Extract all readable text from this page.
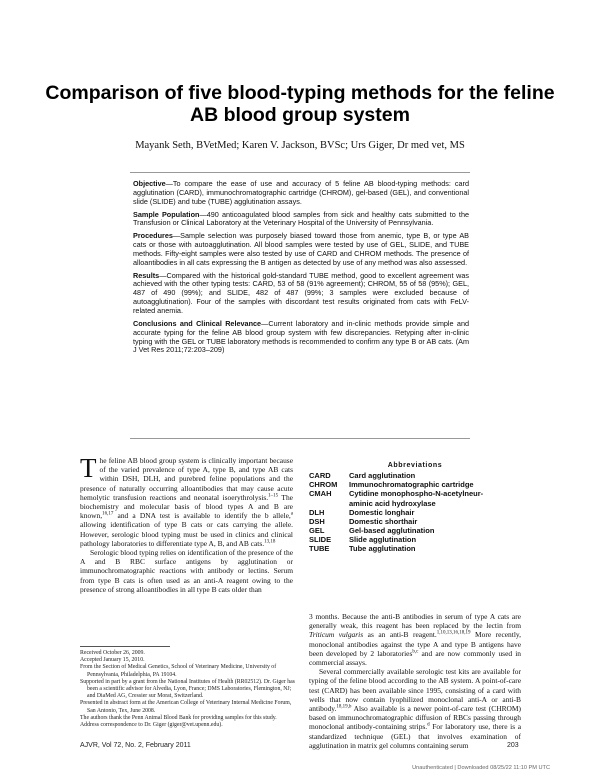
Comparison of five blood-typing methods for the feline AB blood group system
Mayank Seth, BVetMed; Karen V. Jackson, BVSc; Urs Giger, Dr med vet, MS

Objective—To compare the ease of use and accuracy of 5 feline AB blood-typing methods: card agglutination (CARD), immunochromatographic cartridge (CHROM), gel-based (GEL), and conventional slide (SLIDE) and tube (TUBE) agglutination assays.

Sample Population—490 anticoagulated blood samples from sick and healthy cats submitted to the Transfusion or Clinical Laboratory at the Veterinary Hospital of the University of Pennsylvania.

Procedures—Sample selection was purposely biased toward those from anemic, type B, or type AB cats or those with autoagglutination. All blood samples were tested by use of GEL, SLIDE, and TUBE methods. Fifty-eight samples were also tested by use of CARD and CHROM methods. The presence of alloantibodies in all cats expressing the B antigen as detected by use of any method was also assessed.

Results—Compared with the historical gold-standard TUBE method, good to excellent agreement was achieved with the other typing tests: CARD, 53 of 58 (91% agreement); CHROM, 55 of 58 (95%); GEL, 487 of 490 (99%); and SLIDE, 482 of 487 (99%; 3 samples were excluded because of autoagglutination). Four of the samples with discordant test results originated from cats with FeLV-related anemia.

Conclusions and Clinical Relevance—Current laboratory and in-clinic methods provide simple and accurate typing for the feline AB blood group system with few discrepancies. Retyping after in-clinic typing with the GEL or TUBE laboratory methods is recommended to confirm any type B or AB cats. (Am J Vet Res 2011;72:203–209)

The feline AB blood group system is clinically important because of the varied prevalence of type A, type B, and type AB cats within DSH, DLH, and purebred feline populations and the presence of naturally occurring alloantibodies that may cause acute hemolytic transfusion reactions and neonatal isoerythrolysis.$^{1-15}$ The biochemistry and molecular basis of blood types A and B are known,$^{16,17}$ and a DNA test is available to identify the b allele,$^a$ allowing identification of type B cats or cats carrying the allele. However, serologic blood typing must be used in clinics and clinical pathology laboratories to differentiate type A, B, and AB cats.$^{13,18}$

Serologic blood typing relies on identification of the presence of the A and B RBC surface antigens by agglutination or immunochromatographic reactions with antibody or lectins. Serum from type B cats is often used as an anti-A reagent owing to the presence of strong alloantibodies in all type B cats older than

Abbreviations
CARD	Card agglutination
CHROM	Immunochromatographic cartridge
CMAH	Cytidine monophospho-N-acetylneur-
aminic acid hydroxylase
DLH	Domestic longhair
DSH	Domestic shorthair
GEL	Gel-based agglutination
SLIDE	Slide agglutination
TUBE	Tube agglutination

3 months. Because the anti-B antibodies in serum of type A cats are generally weak, this reagent has been replaced by the lectin from Triticum vulgaris as an anti-B reagent.$^{1,10,13,16,18,19}$ More recently, monoclonal antibodies against the type A and type B antigens have been developed by 2 laboratories$^{b,c}$ and are now commonly used in commercial assays.

Several commercially available serologic test kits are available for typing of the feline blood according to the AB system. A point-of-care test (CARD) has been available since 1995, consisting of a card with wells that now contain lyophilized monoclonal anti-A or anti-B antibody.$^{18,19,b}$ Also available is a newer point-of-care test (CHROM) based on immunochromatographic diffusion of RBCs passing through monoclonal antibody-containing strips.$^d$ For laboratory use, there is a standardized technique (GEL) that involves examination of agglutination in matrix gel columns containing serum

Received October 26, 2009.
Accepted January 15, 2010.
From the Section of Medical Genetics, School of Veterinary Medicine, University of Pennsylvania, Philadelphia, PA 19104.
Supported in part by a grant from the National Institutes of Health (RR02512). Dr. Giger has been a scientific advisor for Alvedia, Lyon, France; DMS Laboratories, Flemington, NJ; and DiaMed AG, Cressier sur Morat, Switzerland.
Presented in abstract form at the American College of Veterinary Internal Medicine Forum, San Antonio, Tex, June 2008.
The authors thank the Penn Animal Blood Bank for providing samples for this study.
Address correspondence to Dr. Giger (giger@vet.upenn.edu).
AJVR, Vol 72, No. 2, February 2011	203
Unauthenticated | Downloaded 08/25/22 11:10 PM UTC
